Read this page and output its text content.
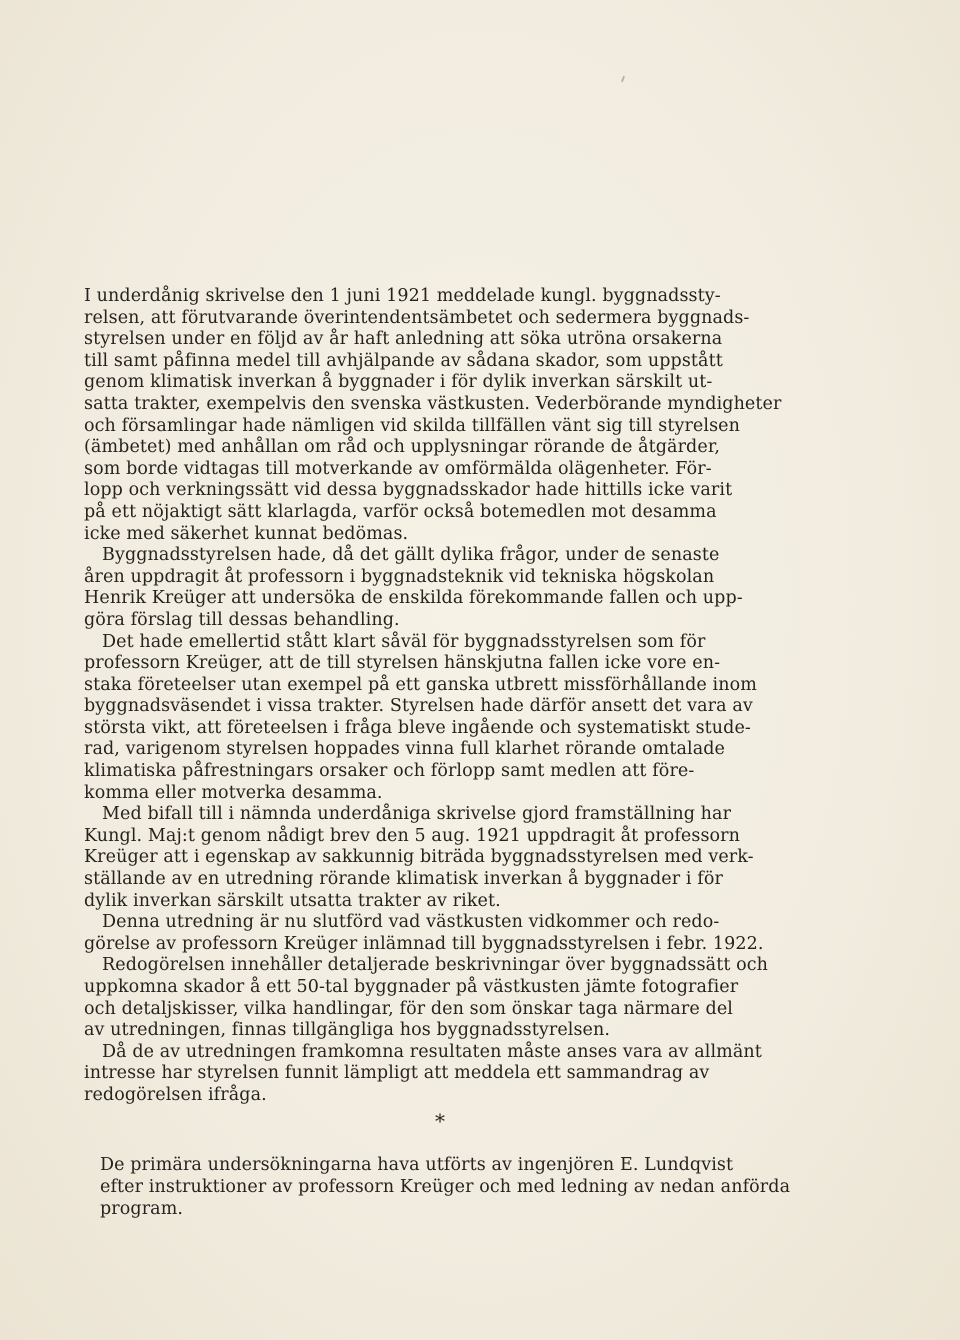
I underdånig skrivelse den 1 juni 1921 meddelade kungl. byggnadssty-
relsen, att förutvarande överintendentsämbetet och sedermera byggnads-
styrelsen under en följd av år haft anledning att söka utröna orsakerna
till samt påfinna medel till avhjälpande av sådana skador, som uppstått
genom klimatisk inverkan å byggnader i för dylik inverkan särskilt ut-
satta trakter, exempelvis den svenska västkusten. Vederbörande myndigheter
och församlingar hade nämligen vid skilda tillfällen vänt sig till styrelsen
(ämbetet) med anhållan om råd och upplysningar rörande de åtgärder,
som borde vidtagas till motverkande av omförmälda olägenheter. För-
lopp och verkningssätt vid dessa byggnadsskador hade hittills icke varit
på ett nöjaktigt sätt klarlagda, varför också botemedlen mot desamma
icke med säkerhet kunnat bedömas.
Byggnadsstyrelsen hade, då det gällt dylika frågor, under de senaste
åren uppdragit åt professorn i byggnadsteknik vid tekniska högskolan
Henrik Kreüger att undersöka de enskilda förekommande fallen och upp-
göra förslag till dessas behandling.
Det hade emellertid stått klart såväl för byggnadsstyrelsen som för
professorn Kreüger, att de till styrelsen hänskjutna fallen icke vore en-
staka företeelser utan exempel på ett ganska utbrett missförhållande inom
byggnadsväsendet i vissa trakter. Styrelsen hade därför ansett det vara av
största vikt, att företeelsen i fråga bleve ingående och systematiskt stude-
rad, varigenom styrelsen hoppades vinna full klarhet rörande omtalade
klimatiska påfrestningars orsaker och förlopp samt medlen att före-
komma eller motverka desamma.
Med bifall till i nämnda underdåniga skrivelse gjord framställning har
Kungl. Maj:t genom nådigt brev den 5 aug. 1921 uppdragit åt professorn
Kreüger att i egenskap av sakkunnig biträda byggnadsstyrelsen med verk-
ställande av en utredning rörande klimatisk inverkan å byggnader i för
dylik inverkan särskilt utsatta trakter av riket.
Denna utredning är nu slutförd vad västkusten vidkommer och redo-
görelse av professorn Kreüger inlämnad till byggnadsstyrelsen i febr. 1922.
Redogörelsen innehåller detaljerade beskrivningar över byggnadssätt och
uppkomna skador å ett 50-tal byggnader på västkusten jämte fotografier
och detaljskisser, vilka handlingar, för den som önskar taga närmare del
av utredningen, finnas tillgängliga hos byggnadsstyrelsen.
Då de av utredningen framkomna resultaten måste anses vara av allmänt
intresse har styrelsen funnit lämpligt att meddela ett sammandrag av
redogörelsen ifråga.
*
De primära undersökningarna hava utförts av ingenjören E. Lundqvist
efter instruktioner av professorn Kreüger och med ledning av nedan anförda
program.
